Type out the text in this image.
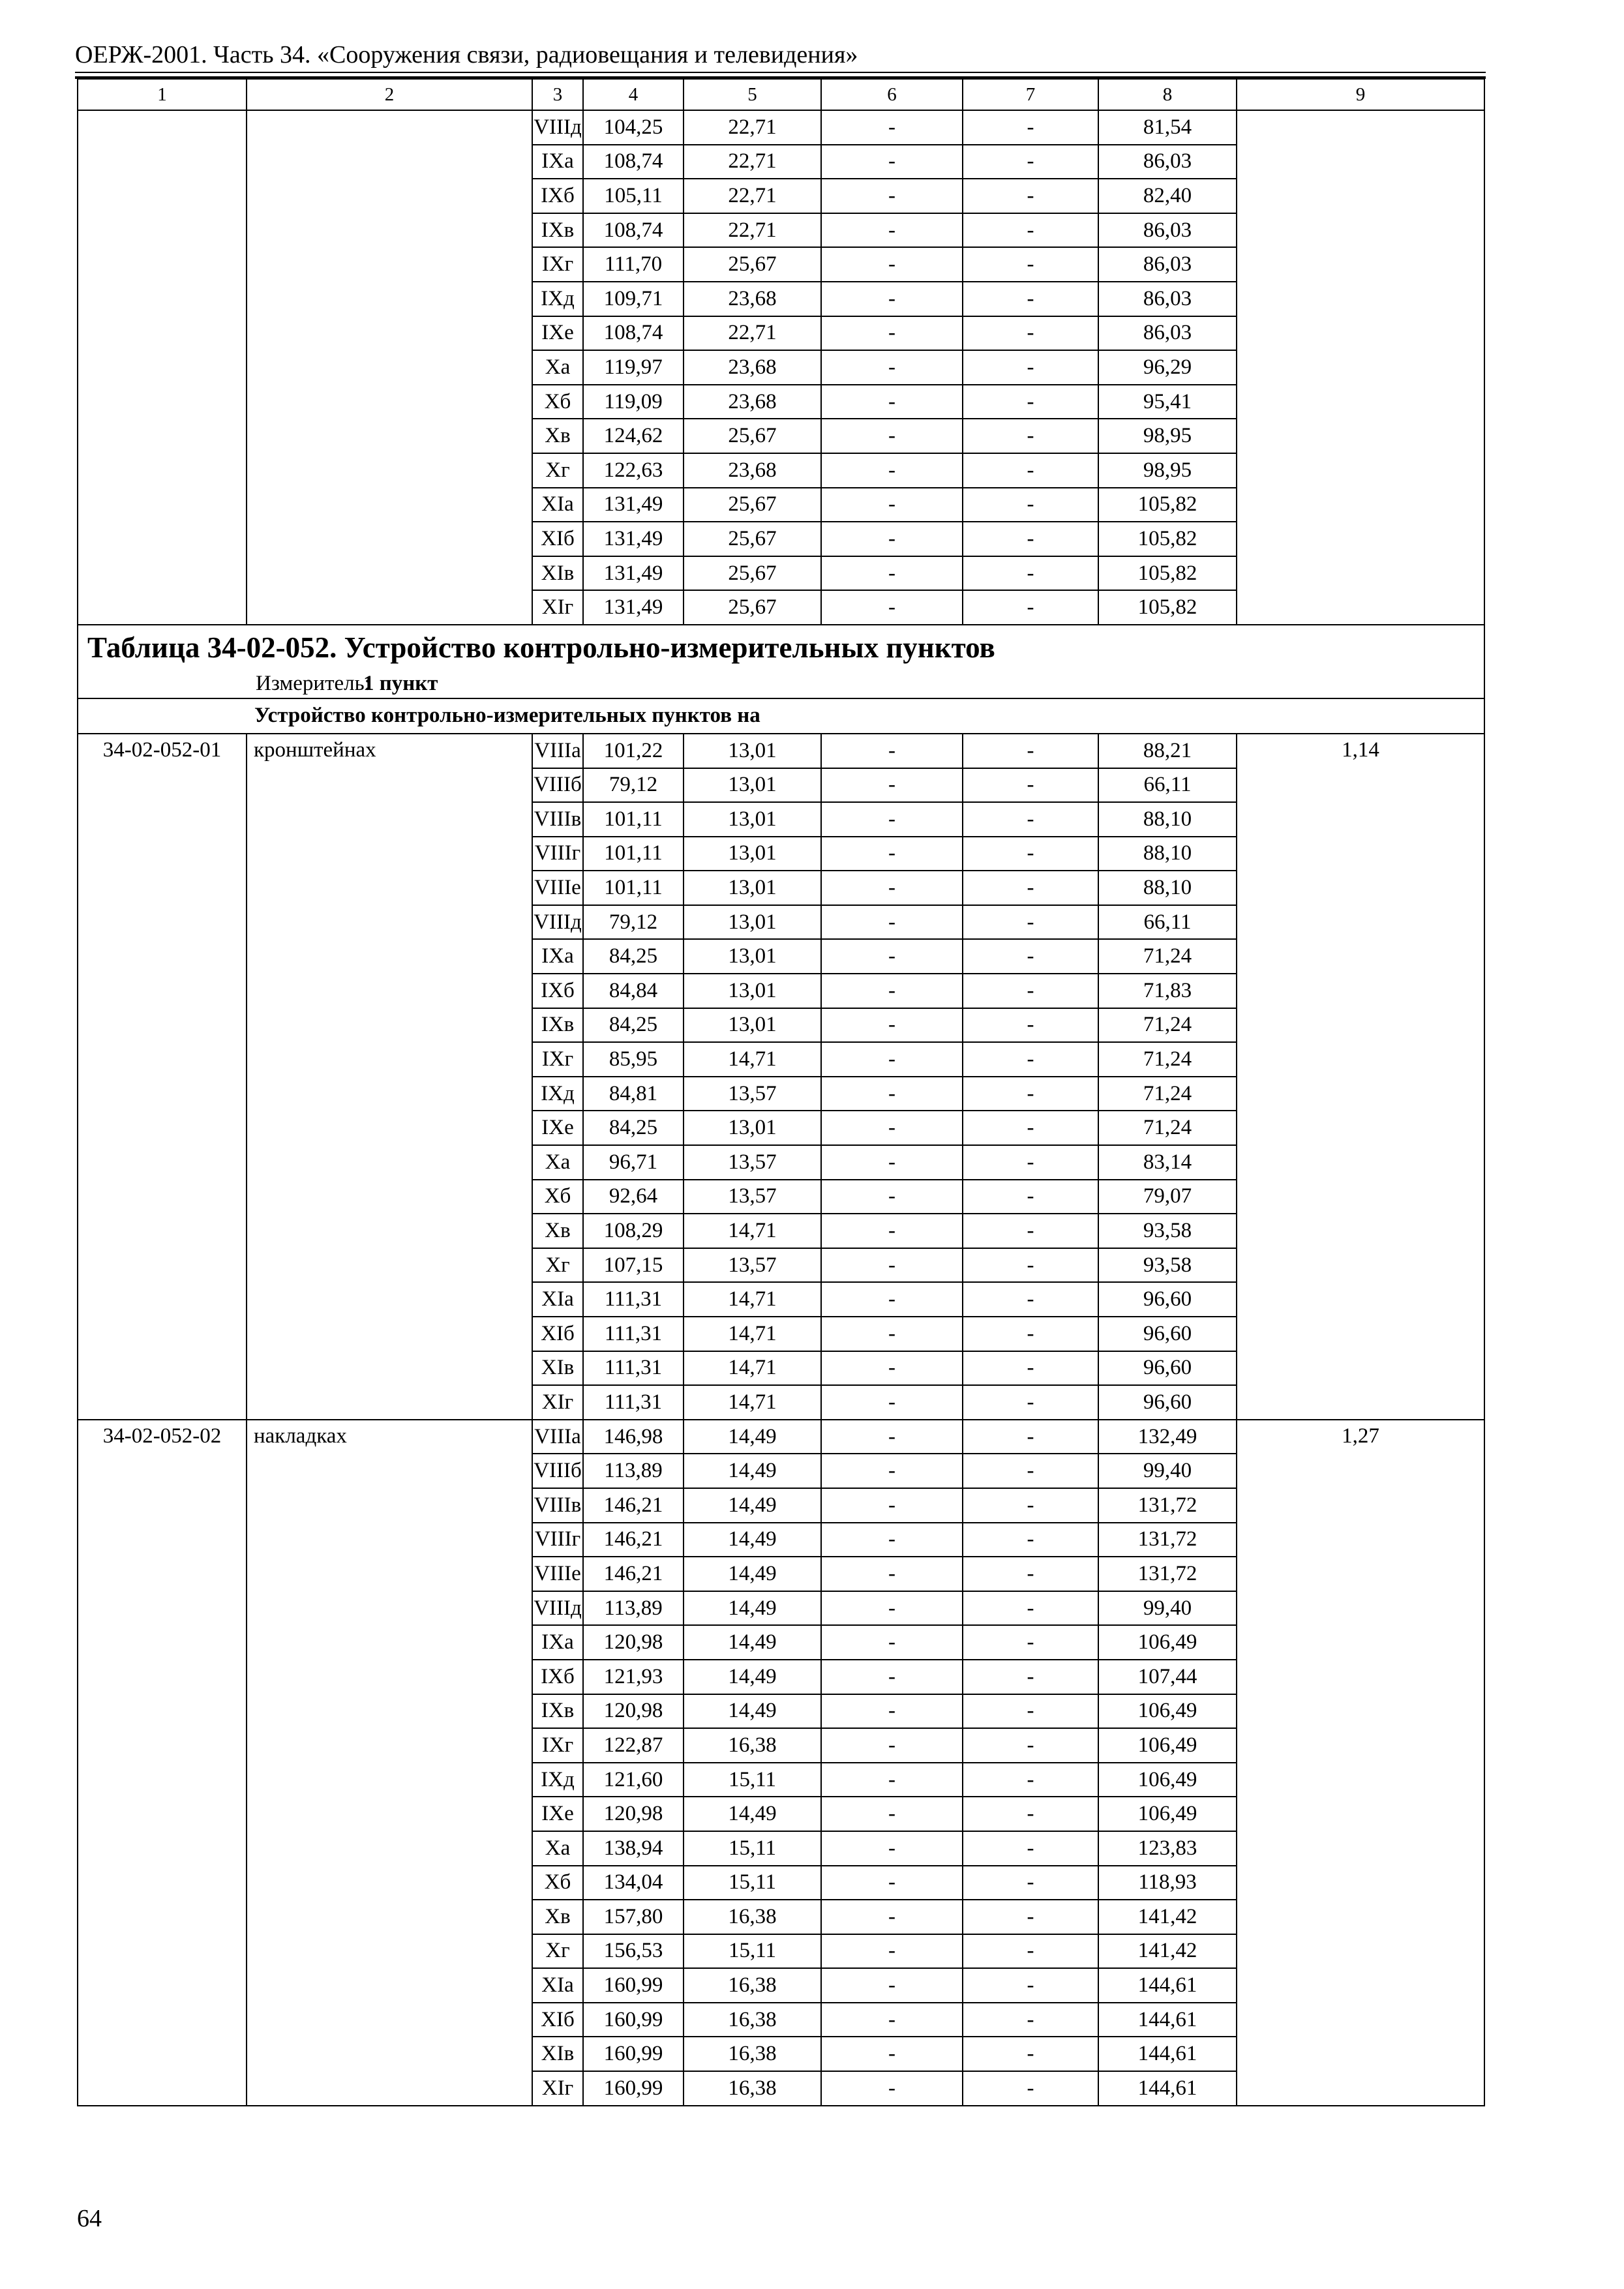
ОЕРЖ-2001. Часть 34. «Сооружения связи, радиовещания и телевидения»
1	2	3	4	5	6	7	8	9
		VIIIд	104,25	22,71	-	-	81,54	
		IXа	108,74	22,71	-	-	86,03	
		IXб	105,11	22,71	-	-	82,40	
		IXв	108,74	22,71	-	-	86,03	
		IXг	111,70	25,67	-	-	86,03	
		IXд	109,71	23,68	-	-	86,03	
		IXе	108,74	22,71	-	-	86,03	
		Xа	119,97	23,68	-	-	96,29	
		Xб	119,09	23,68	-	-	95,41	
		Xв	124,62	25,67	-	-	98,95	
		Xг	122,63	23,68	-	-	98,95	
		XIа	131,49	25,67	-	-	105,82	
		XIб	131,49	25,67	-	-	105,82	
		XIв	131,49	25,67	-	-	105,82	
		XIг	131,49	25,67	-	-	105,82	

Таблица 34-02-052. Устройство контрольно-измерительных пунктов
Измеритель:1 пункт								

Устройство контрольно-измерительных пунктов на								
34-02-052-01	кронштейнах	VIIIа	101,22	13,01	-	-	88,21	1,14
		VIIIб	79,12	13,01	-	-	66,11	
		VIIIв	101,11	13,01	-	-	88,10	
		VIIIг	101,11	13,01	-	-	88,10	
		VIIIе	101,11	13,01	-	-	88,10	
		VIIIд	79,12	13,01	-	-	66,11	
		IXа	84,25	13,01	-	-	71,24	
		IXб	84,84	13,01	-	-	71,83	
		IXв	84,25	13,01	-	-	71,24	
		IXг	85,95	14,71	-	-	71,24	
		IXд	84,81	13,57	-	-	71,24	
		IXе	84,25	13,01	-	-	71,24	
		Xа	96,71	13,57	-	-	83,14	
		Xб	92,64	13,57	-	-	79,07	
		Xв	108,29	14,71	-	-	93,58	
		Xг	107,15	13,57	-	-	93,58	
		XIа	111,31	14,71	-	-	96,60	
		XIб	111,31	14,71	-	-	96,60	
		XIв	111,31	14,71	-	-	96,60	
		XIг	111,31	14,71	-	-	96,60	
34-02-052-02	накладках	VIIIа	146,98	14,49	-	-	132,49	1,27
		VIIIб	113,89	14,49	-	-	99,40	
		VIIIв	146,21	14,49	-	-	131,72	
		VIIIг	146,21	14,49	-	-	131,72	
		VIIIе	146,21	14,49	-	-	131,72	
		VIIIд	113,89	14,49	-	-	99,40	
		IXа	120,98	14,49	-	-	106,49	
		IXб	121,93	14,49	-	-	107,44	
		IXв	120,98	14,49	-	-	106,49	
		IXг	122,87	16,38	-	-	106,49	
		IXд	121,60	15,11	-	-	106,49	
		IXе	120,98	14,49	-	-	106,49	
		Xа	138,94	15,11	-	-	123,83	
		Xб	134,04	15,11	-	-	118,93	
		Xв	157,80	16,38	-	-	141,42	
		Xг	156,53	15,11	-	-	141,42	
		XIа	160,99	16,38	-	-	144,61	
		XIб	160,99	16,38	-	-	144,61	
		XIв	160,99	16,38	-	-	144,61	
		XIг	160,99	16,38	-	-	144,61	
64
